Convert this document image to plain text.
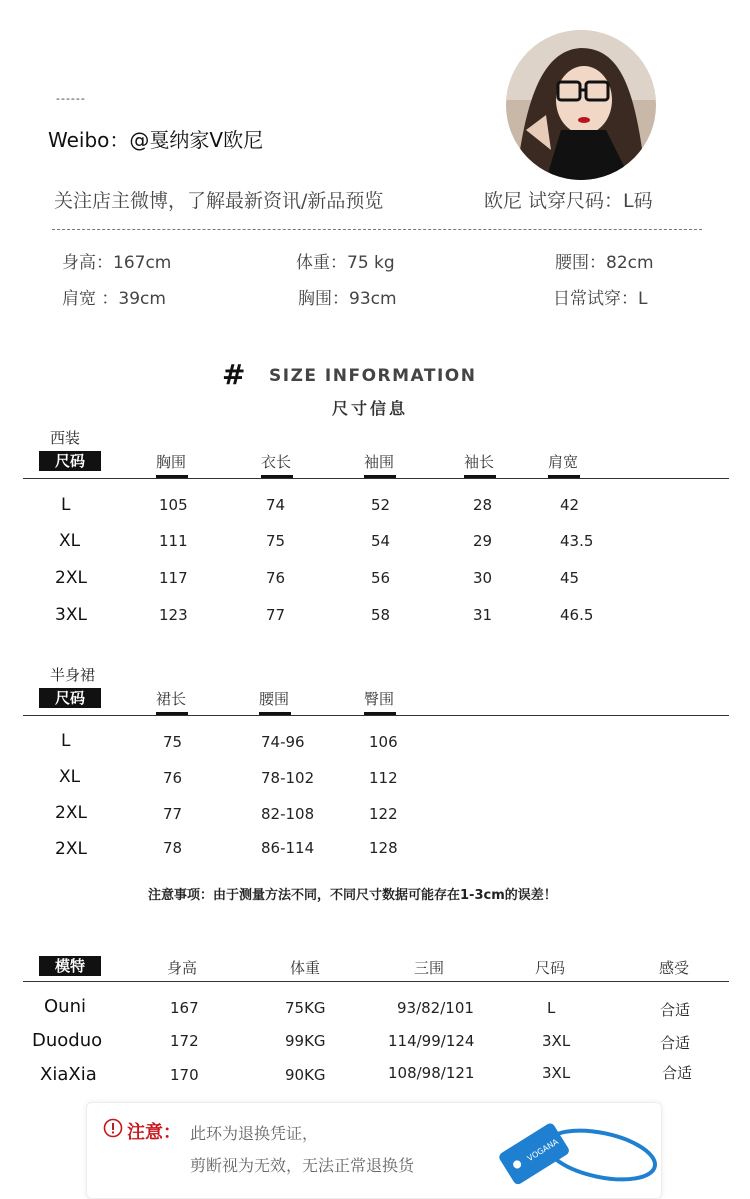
------
Weibo：@戛纳家V欧尼
关注店主微博，了解最新资讯/新品预览	欧尼 试穿尺码：L码
身高：167cm	体重：75 kg	腰围：82cm
肩宽 ：39cm	胸围：93cm	日常试穿：L
# SIZE INFORMATION
尺寸信息
西装
尺码	胸围	衣长	袖围	袖长	肩宽
L	105	74	52	28	42
XL	111	75	54	29	43.5
2XL	117	76	56	30	45
3XL	123	77	58	31	46.5
半身裙
尺码	裙长	腰围	臀围
L	75	74-96	106
XL	76	78-102	112
2XL	77	82-108	122
2XL	78	86-114	128
注意事项：由于测量方法不同，不同尺寸数据可能存在1-3cm的误差！
模特	身高	体重	三围	尺码	感受
Ouni	167	75KG	93/82/101	L	合适
Duoduo	172	99KG	114/99/124	3XL	合适
XiaXia	170	90KG	108/98/121	3XL	合适
注意： 此环为退换凭证，
剪断视为无效，无法正常退换货
VOGANA
